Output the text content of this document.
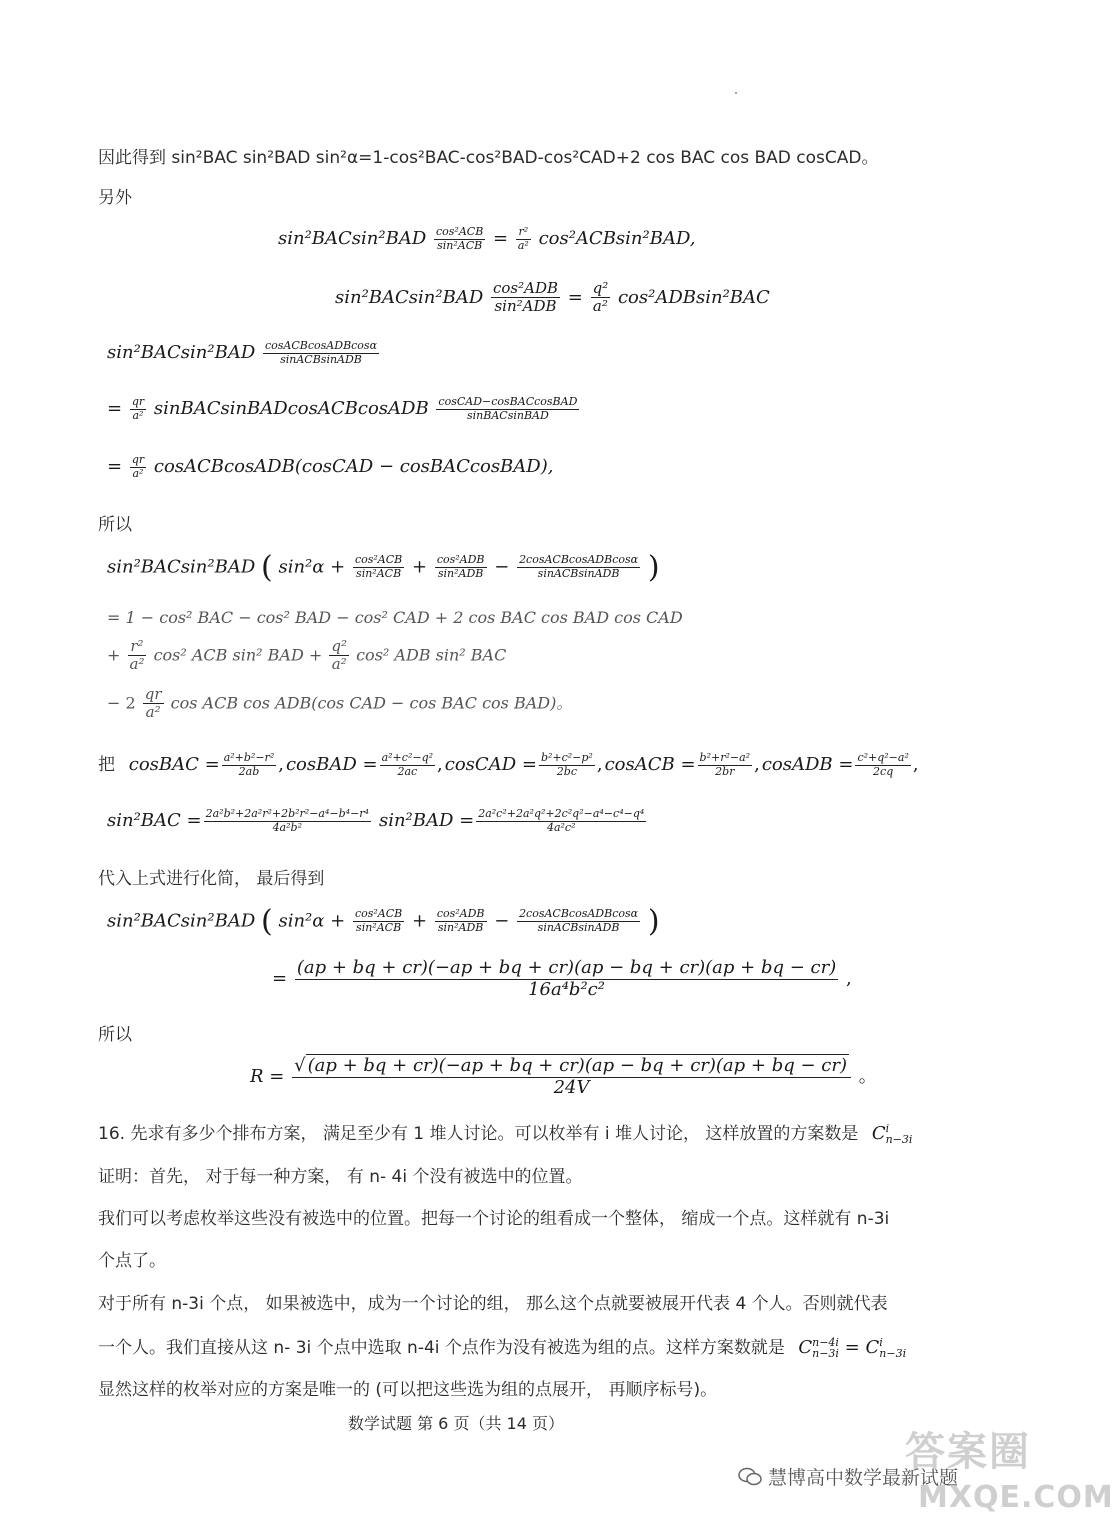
因此得到 sin²BAC sin²BAD sin²α=1-cos²BAC-cos²BAD-cos²CAD+2 cos BAC cos BAD cosCAD。
另外
$\sin^2BACsin^2BAD \frac{\text{cos²ACB}}{\text{sin²ACB}} = \frac{\text{r²}}{\text{a²}} \cos^2ACBsin^2BAD$,
$\sin^2BACsin^2BAD \frac{\text{cos²ADB}}{\text{sin²ADB}} = \frac{\text{q²}}{\text{a²}} \cos^2ADBsin^2BAC$
$\sin^2BACsin^2BAD \frac{\text{cosACBcosADBcosα}}{\text{sinACBsinADB}}$
= $\frac{qr}{\text{a²}}$ sinBACsinBADcosACBcosADB $\frac{\text{cosCAD−cosBACcosBAD}}{\text{sinBACsinBAD}}$
= $\frac{qr}{\text{a²}}$ cosACBcosADB(cosCAD − cosBACcosBAD),
所以
sin²BACsin²BAD ( $\sin^2\alpha + \frac{\text{cos²ACB}}{\text{sin²ACB}} + \frac{\text{cos²ADB}}{\text{sin²ADB}} - \frac{\text{2cosACBcosADBcosα}}{\text{sinACBsinADB}}$ )
= 1 − cos² BAC − cos² BAD − cos² CAD + 2 cos BAC cos BAD cos CAD
+ $\frac{\text{r²}}{\text{a²}} \cos^2$ ACB sin² BAD + $\frac{\text{q²}}{\text{a²}} \cos^2$ ADB sin² BAC
− $2 \frac{qr}{\text{a²}}$ cos ACB cos ADB(cos CAD − cos BAC cos BAD)。
把 cosBAC = $\frac{\text{a²+b²−r²}}{2ab}$ , cosBAD = $\frac{\text{a²+c²−q²}}{2ac}$ , cosCAD = $\frac{\text{b²+c²−p²}}{2bc}$ , cosACB = $\frac{\text{b²+r²−a²}}{2br}$ , cosADB = $\frac{\text{c²+q²−a²}}{2cq}$ ,
$\sin^2BAC = \frac{\text{2a²b²+2a²r²+2b²r²−a⁴−b⁴−r⁴}}{\text{4a²b²}} \sin^2BAD = \frac{\text{2a²c²+2a²q²+2c²q²−a⁴−c⁴−q⁴}}{\text{4a²c²}}$
代入上式进行化简， 最后得到
sin²BACsin²BAD ( $\sin^2\alpha + \frac{\text{cos²ACB}}{\text{sin²ACB}} + \frac{\text{cos²ADB}}{\text{sin²ADB}} - \frac{\text{2cosACBcosADBcosα}}{\text{sinACBsinADB}}$ )
= $\frac{(ap + bq + cr)(-ap + bq + cr)(ap - bq + cr)(ap + bq - cr)}{\text{16a⁴b²c²}}$ ,
所以
$R = \frac{√ (ap + bq + cr)(-ap + bq + cr)(ap - bq + cr)(ap + bq - cr)}{24V}$ 。
16. 先求有多少个排布方案， 满足至少有 1 堆人讨论。可以枚举有 i 堆人讨论， 这样放置的方案数是 C i
n−3i
证明：首先， 对于每一种方案， 有 n- 4i 个没有被选中的位置。
我们可以考虑枚举这些没有被选中的位置。把每一个讨论的组看成一个整体， 缩成一个点。这样就有 n-3i
个点了。
对于所有 n-3i 个点， 如果被选中，成为一个讨论的组， 那么这个点就要被展开代表 4 个人。否则就代表
一个人。我们直接从这 n- 3i 个点中选取 n-4i 个点作为没有被选为组的点。这样方案数就是 C n−4i
n−3i = C i
n−3i
显然这样的枚举对应的方案是唯一的 (可以把这些选为组的点展开， 再顺序标号)。
数学试题 第 6 页（共 14 页）
慧博高中数学最新试题
答案圈
MXQE.COM
